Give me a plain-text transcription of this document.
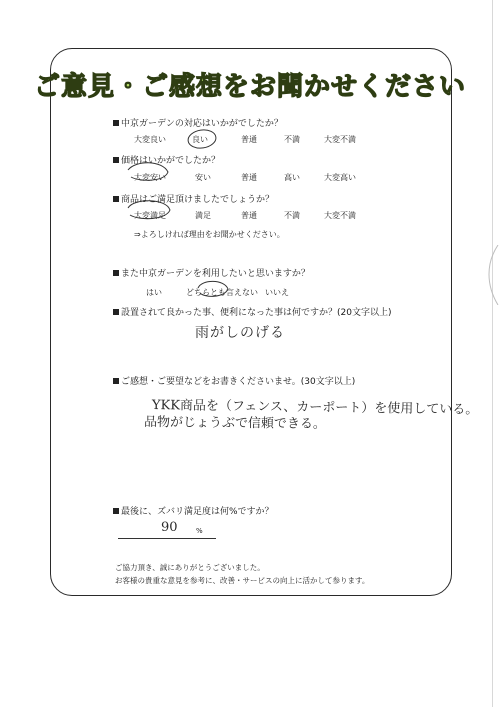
ご意見・ご感想をお聞かせください
中京ガーデンの対応はいかがでしたか？
大変良い	良い	普通	不満	大変不満
価格はいかがでしたか？
大変安い	安い	普通	高い	大変高い
商品はご満足頂けましたでしょうか？
大変満足	満足	普通	不満	大変不満
⇒よろしければ理由をお聞かせください。
また中京ガーデンを利用したいと思いますか？
はい	どちらとも言えない いいえ
設置されて良かった事、便利になった事は何ですか？(20文字以上)
雨がしのげる
ご感想・ご要望などをお書きくださいませ。(30文字以上)
YKK商品を（フェンス、カーポート）を使用している。
品物がじょうぶで信頼できる。
最後に、ズバリ満足度は何%ですか？
90	%
ご協力頂き、誠にありがとうございました。
お客様の貴重な意見を参考に、改善・サービスの向上に活かして参ります。
